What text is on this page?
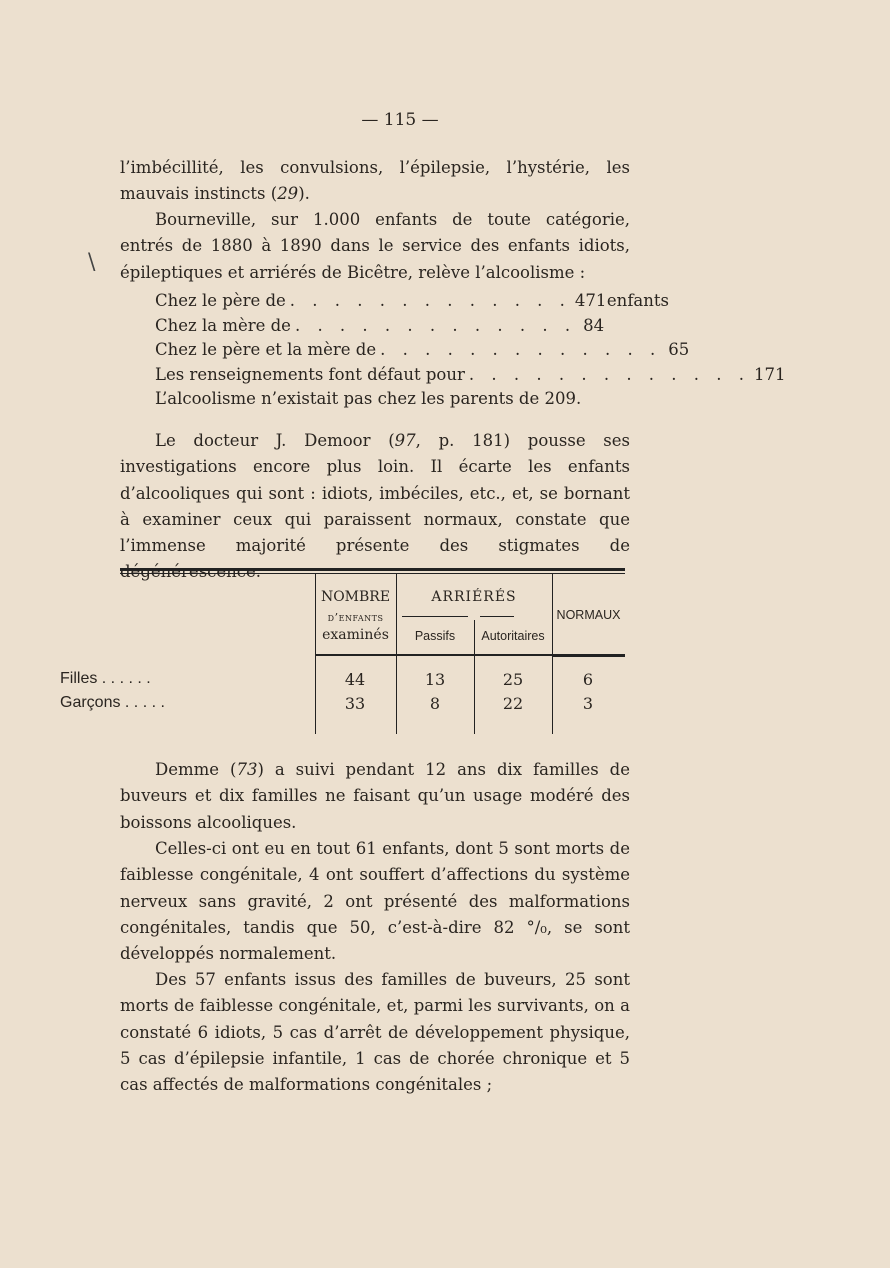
— 115 —

l’imbécillité, les convulsions, l’épilepsie, l’hystérie, les mauvais instincts (29).

Bourneville, sur 1.000 enfants de toute catégorie, entrés de 1880 à 1890 dans le service des enfants idiots, épileptiques et arriérés de Bicêtre, relève l’alcoolisme :

\
Chez le père de . . . . . . . . . . . . . 471 enfants
Chez la mère de . . . . . . . . . . . . . 84
Chez le père et la mère de . . . . . . . . . . . . . 65
Les renseignements font défaut pour . . . . . . . . . . . . . 171
L’alcoolisme n’existait pas chez les parents de 209.

Le docteur J. Demoor (97, p. 181) pousse ses investigations encore plus loin. Il écarte les enfants d’alcooliques qui sont : idiots, imbéciles, etc., et, se bornant à examiner ceux qui paraissent normaux, constate que l’immense majorité présente des stigmates de dégénérescence.

NOMBRE
d’enfants
examinés
ARRIÉRÉS
Passifs	Autoritaires
NORMAUX
Filles . . . . . .	44	13	25	6
Garçons . . . . .	33	8	22	3

Demme (73) a suivi pendant 12 ans dix familles de buveurs et dix familles ne faisant qu’un usage modéré des boissons alcooliques.

Celles-ci ont eu en tout 61 enfants, dont 5 sont morts de faiblesse congénitale, 4 ont souffert d’affections du système nerveux sans gravité, 2 ont présenté des malformations congénitales, tandis que 50, c’est-à-dire 82 °/₀, se sont développés normalement.

Des 57 enfants issus des familles de buveurs, 25 sont morts de faiblesse congénitale, et, parmi les survivants, on a constaté 6 idiots, 5 cas d’arrêt de développement physique, 5 cas d’épilepsie infantile, 1 cas de chorée chronique et 5 cas affectés de malformations congénitales ;
